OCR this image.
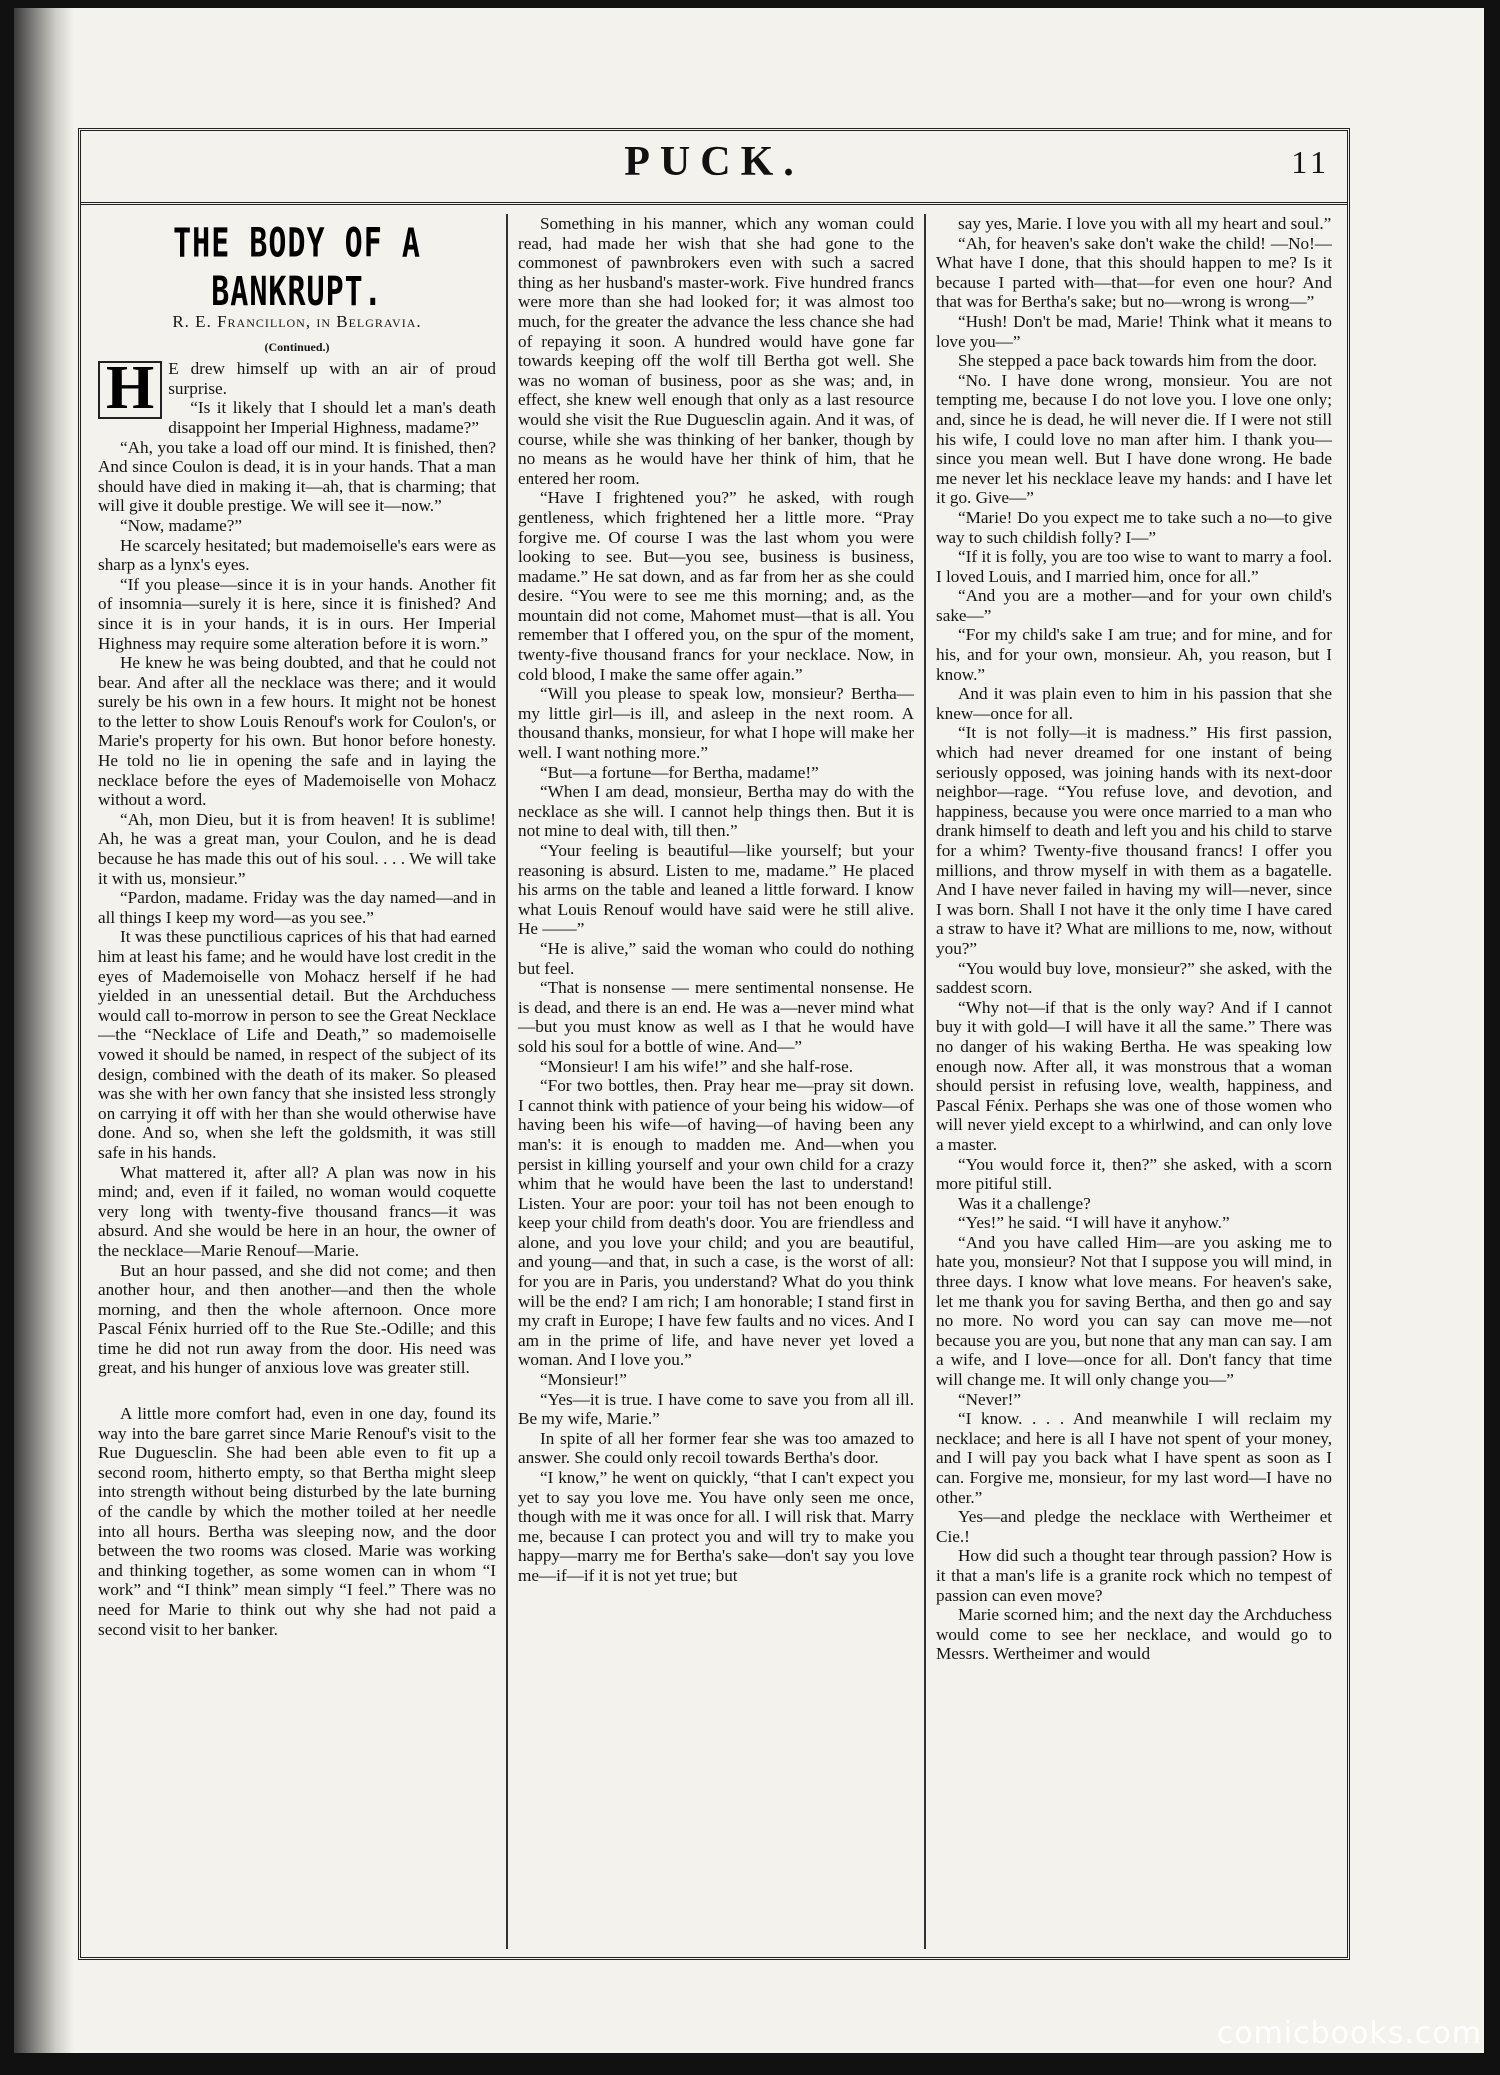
PUCK.	11
THE BODY OF A BANKRUPT.
R. E. Francillon, in Belgravia.
(Continued.)
H E drew himself up with an air of proud surprise.

“Is it likely that I should let a man's death disappoint her Imperial Highness, madame?”

“Ah, you take a load off our mind. It is finished, then? And since Coulon is dead, it is in your hands. That a man should have died in making it—ah, that is charming; that will give it double prestige. We will see it—now.”

“Now, madame?”

He scarcely hesitated; but mademoiselle's ears were as sharp as a lynx's eyes.

“If you please—since it is in your hands. Another fit of insomnia—surely it is here, since it is finished? And since it is in your hands, it is in ours. Her Imperial Highness may require some alteration before it is worn.”

He knew he was being doubted, and that he could not bear. And after all the necklace was there; and it would surely be his own in a few hours. It might not be honest to the letter to show Louis Renouf's work for Coulon's, or Marie's property for his own. But honor before honesty. He told no lie in opening the safe and in laying the necklace before the eyes of Mademoiselle von Mohacz without a word.

“Ah, mon Dieu, but it is from heaven! It is sublime! Ah, he was a great man, your Coulon, and he is dead because he has made this out of his soul. . . . We will take it with us, monsieur.”

“Pardon, madame. Friday was the day named—and in all things I keep my word—as you see.”

It was these punctilious caprices of his that had earned him at least his fame; and he would have lost credit in the eyes of Mademoiselle von Mohacz herself if he had yielded in an unessential detail. But the Archduchess would call to-morrow in person to see the Great Necklace—the “Necklace of Life and Death,” so mademoiselle vowed it should be named, in respect of the subject of its design, combined with the death of its maker. So pleased was she with her own fancy that she insisted less strongly on carrying it off with her than she would otherwise have done. And so, when she left the goldsmith, it was still safe in his hands.

What mattered it, after all? A plan was now in his mind; and, even if it failed, no woman would coquette very long with twenty-five thousand francs—it was absurd. And she would be here in an hour, the owner of the necklace—Marie Renouf—Marie.

But an hour passed, and she did not come; and then another hour, and then another—and then the whole morning, and then the whole afternoon. Once more Pascal Fénix hurried off to the Rue Ste.-Odille; and this time he did not run away from the door. His need was great, and his hunger of anxious love was greater still.

A little more comfort had, even in one day, found its way into the bare garret since Marie Renouf's visit to the Rue Duguesclin. She had been able even to fit up a second room, hitherto empty, so that Bertha might sleep into strength without being disturbed by the late burning of the candle by which the mother toiled at her needle into all hours. Bertha was sleeping now, and the door between the two rooms was closed. Marie was working and thinking together, as some women can in whom “I work” and “I think” mean simply “I feel.” There was no need for Marie to think out why she had not paid a second visit to her banker.

Something in his manner, which any woman could read, had made her wish that she had gone to the commonest of pawnbrokers even with such a sacred thing as her husband's master-work. Five hundred francs were more than she had looked for; it was almost too much, for the greater the advance the less chance she had of repaying it soon. A hundred would have gone far towards keeping off the wolf till Bertha got well. She was no woman of business, poor as she was; and, in effect, she knew well enough that only as a last resource would she visit the Rue Duguesclin again. And it was, of course, while she was thinking of her banker, though by no means as he would have her think of him, that he entered her room.

“Have I frightened you?” he asked, with rough gentleness, which frightened her a little more. “Pray forgive me. Of course I was the last whom you were looking to see. But—you see, business is business, madame.” He sat down, and as far from her as she could desire. “You were to see me this morning; and, as the mountain did not come, Mahomet must—that is all. You remember that I offered you, on the spur of the moment, twenty-five thousand francs for your necklace. Now, in cold blood, I make the same offer again.”

“Will you please to speak low, monsieur? Bertha—my little girl—is ill, and asleep in the next room. A thousand thanks, monsieur, for what I hope will make her well. I want nothing more.”

“But—a fortune—for Bertha, madame!”

“When I am dead, monsieur, Bertha may do with the necklace as she will. I cannot help things then. But it is not mine to deal with, till then.”

“Your feeling is beautiful—like yourself; but your reasoning is absurd. Listen to me, madame.” He placed his arms on the table and leaned a little forward. I know what Louis Renouf would have said were he still alive. He ——”

“He is alive,” said the woman who could do nothing but feel.

“That is nonsense — mere sentimental nonsense. He is dead, and there is an end. He was a—never mind what—but you must know as well as I that he would have sold his soul for a bottle of wine. And—”

“Monsieur! I am his wife!” and she half-rose.

“For two bottles, then. Pray hear me—pray sit down. I cannot think with patience of your being his widow—of having been his wife—of having—of having been any man's: it is enough to madden me. And—when you persist in killing yourself and your own child for a crazy whim that he would have been the last to understand! Listen. Your are poor: your toil has not been enough to keep your child from death's door. You are friendless and alone, and you love your child; and you are beautiful, and young—and that, in such a case, is the worst of all: for you are in Paris, you understand? What do you think will be the end? I am rich; I am honorable; I stand first in my craft in Europe; I have few faults and no vices. And I am in the prime of life, and have never yet loved a woman. And I love you.”

“Monsieur!”

“Yes—it is true. I have come to save you from all ill. Be my wife, Marie.”

In spite of all her former fear she was too amazed to answer. She could only recoil towards Bertha's door.

“I know,” he went on quickly, “that I can't expect you yet to say you love me. You have only seen me once, though with me it was once for all. I will risk that. Marry me, because I can protect you and will try to make you happy—marry me for Bertha's sake—don't say you love me—if—if it is not yet true; but

say yes, Marie. I love you with all my heart and soul.”

“Ah, for heaven's sake don't wake the child! —No!—What have I done, that this should happen to me? Is it because I parted with—that—for even one hour? And that was for Bertha's sake; but no—wrong is wrong—”

“Hush! Don't be mad, Marie! Think what it means to love you—”

She stepped a pace back towards him from the door.

“No. I have done wrong, monsieur. You are not tempting me, because I do not love you. I love one only; and, since he is dead, he will never die. If I were not still his wife, I could love no man after him. I thank you—since you mean well. But I have done wrong. He bade me never let his necklace leave my hands: and I have let it go. Give—”

“Marie! Do you expect me to take such a no—to give way to such childish folly? I—”

“If it is folly, you are too wise to want to marry a fool. I loved Louis, and I married him, once for all.”

“And you are a mother—and for your own child's sake—”

“For my child's sake I am true; and for mine, and for his, and for your own, monsieur. Ah, you reason, but I know.”

And it was plain even to him in his passion that she knew—once for all.

“It is not folly—it is madness.” His first passion, which had never dreamed for one instant of being seriously opposed, was joining hands with its next-door neighbor—rage. “You refuse love, and devotion, and happiness, because you were once married to a man who drank himself to death and left you and his child to starve for a whim? Twenty-five thousand francs! I offer you millions, and throw myself in with them as a bagatelle. And I have never failed in having my will—never, since I was born. Shall I not have it the only time I have cared a straw to have it? What are millions to me, now, without you?”

“You would buy love, monsieur?” she asked, with the saddest scorn.

“Why not—if that is the only way? And if I cannot buy it with gold—I will have it all the same.” There was no danger of his waking Bertha. He was speaking low enough now. After all, it was monstrous that a woman should persist in refusing love, wealth, happiness, and Pascal Fénix. Perhaps she was one of those women who will never yield except to a whirlwind, and can only love a master.

“You would force it, then?” she asked, with a scorn more pitiful still.

Was it a challenge?

“Yes!” he said. “I will have it anyhow.”

“And you have called Him—are you asking me to hate you, monsieur? Not that I suppose you will mind, in three days. I know what love means. For heaven's sake, let me thank you for saving Bertha, and then go and say no more. No word you can say can move me—not because you are you, but none that any man can say. I am a wife, and I love—once for all. Don't fancy that time will change me. It will only change you—”

“Never!”

“I know. . . . And meanwhile I will reclaim my necklace; and here is all I have not spent of your money, and I will pay you back what I have spent as soon as I can. Forgive me, monsieur, for my last word—I have no other.”

Yes—and pledge the necklace with Wertheimer et Cie.!

How did such a thought tear through passion? How is it that a man's life is a granite rock which no tempest of passion can even move?

Marie scorned him; and the next day the Archduchess would come to see her necklace, and would go to Messrs. Wertheimer and would

comicbooks.com
